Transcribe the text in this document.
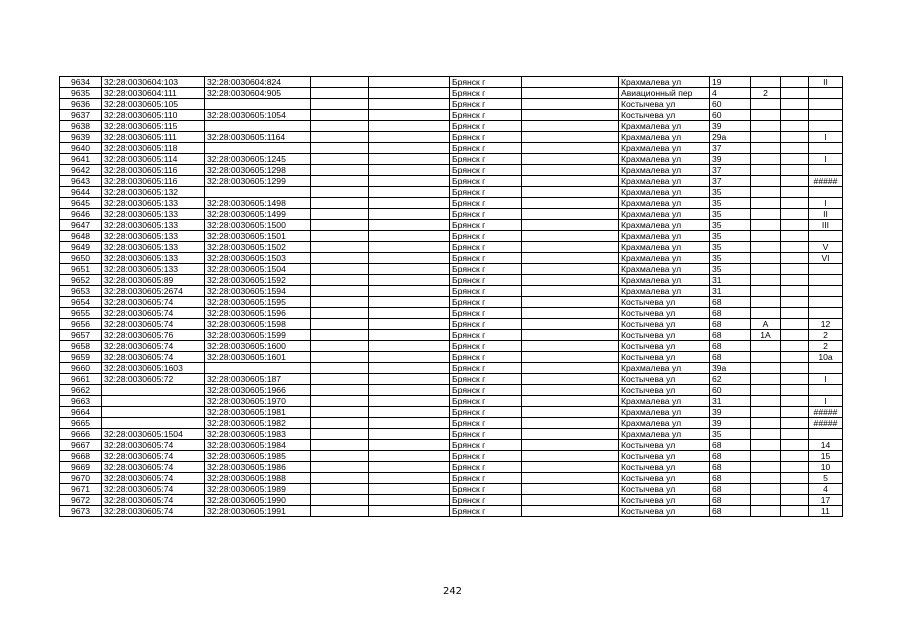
9634	32:28:0030604:103	32:28:0030604:824			Брянск г		Крахмалева ул	19			II
9635	32:28:0030604:111	32:28:0030604:905			Брянск г		Авиационный пер	4	2		
9636	32:28:0030605:105				Брянск г		Костычева ул	60			
9637	32:28:0030605:110	32:28:0030605:1054			Брянск г		Костычева ул	60			
9638	32:28:0030605:115				Брянск г		Крахмалева ул	39			
9639	32:28:0030605:111	32:28:0030605:1164			Брянск г		Крахмалева ул	29а			I
9640	32:28:0030605:118				Брянск г		Крахмалева ул	37			
9641	32:28:0030605:114	32:28:0030605:1245			Брянск г		Крахмалева ул	39			I
9642	32:28:0030605:116	32:28:0030605:1298			Брянск г		Крахмалева ул	37			
9643	32:28:0030605:116	32:28:0030605:1299			Брянск г		Крахмалева ул	37			#####
9644	32:28:0030605:132				Брянск г		Крахмалева ул	35			
9645	32:28:0030605:133	32:28:0030605:1498			Брянск г		Крахмалева ул	35			I
9646	32:28:0030605:133	32:28:0030605:1499			Брянск г		Крахмалева ул	35			II
9647	32:28:0030605:133	32:28:0030605:1500			Брянск г		Крахмалева ул	35			III
9648	32:28:0030605:133	32:28:0030605:1501			Брянск г		Крахмалева ул	35			
9649	32:28:0030605:133	32:28:0030605:1502			Брянск г		Крахмалева ул	35			V
9650	32:28:0030605:133	32:28:0030605:1503			Брянск г		Крахмалева ул	35			VI
9651	32:28:0030605:133	32:28:0030605:1504			Брянск г		Крахмалева ул	35			
9652	32:28:0030605:89	32:28:0030605:1592			Брянск г		Крахмалева ул	31			
9653	32:28:0030605:2674	32:28:0030605:1594			Брянск г		Крахмалева ул	31			
9654	32:28:0030605:74	32:28:0030605:1595			Брянск г		Костычева ул	68			
9655	32:28:0030605:74	32:28:0030605:1596			Брянск г		Костычева ул	68			
9656	32:28:0030605:74	32:28:0030605:1598			Брянск г		Костычева ул	68	А		12
9657	32:28:0030605:76	32:28:0030605:1599			Брянск г		Костычева ул	68	1А		2
9658	32:28:0030605:74	32:28:0030605:1600			Брянск г		Костычева ул	68			2
9659	32:28:0030605:74	32:28:0030605:1601			Брянск г		Костычева ул	68			10а
9660	32:28:0030605:1603				Брянск г		Крахмалева ул	39а			
9661	32:28:0030605:72	32:28:0030605:187			Брянск г		Костычева ул	62			I
9662		32:28:0030605:1966			Брянск г		Костычева ул	60			
9663		32:28:0030605:1970			Брянск г		Крахмалева ул	31			I
9664		32:28:0030605:1981			Брянск г		Крахмалева ул	39			#####
9665		32:28:0030605:1982			Брянск г		Крахмалева ул	39			#####
9666	32:28:0030605:1504	32:28:0030605:1983			Брянск г		Крахмалева ул	35			
9667	32:28:0030605:74	32:28:0030605:1984			Брянск г		Костычева ул	68			14
9668	32:28:0030605:74	32:28:0030605:1985			Брянск г		Костычева ул	68			15
9669	32:28:0030605:74	32:28:0030605:1986			Брянск г		Костычева ул	68			10
9670	32:28:0030605:74	32:28:0030605:1988			Брянск г		Костычева ул	68			5
9671	32:28:0030605:74	32:28:0030605:1989			Брянск г		Костычева ул	68			4
9672	32:28:0030605:74	32:28:0030605:1990			Брянск г		Костычева ул	68			17
9673	32:28:0030605:74	32:28:0030605:1991			Брянск г		Костычева ул	68			11
242
